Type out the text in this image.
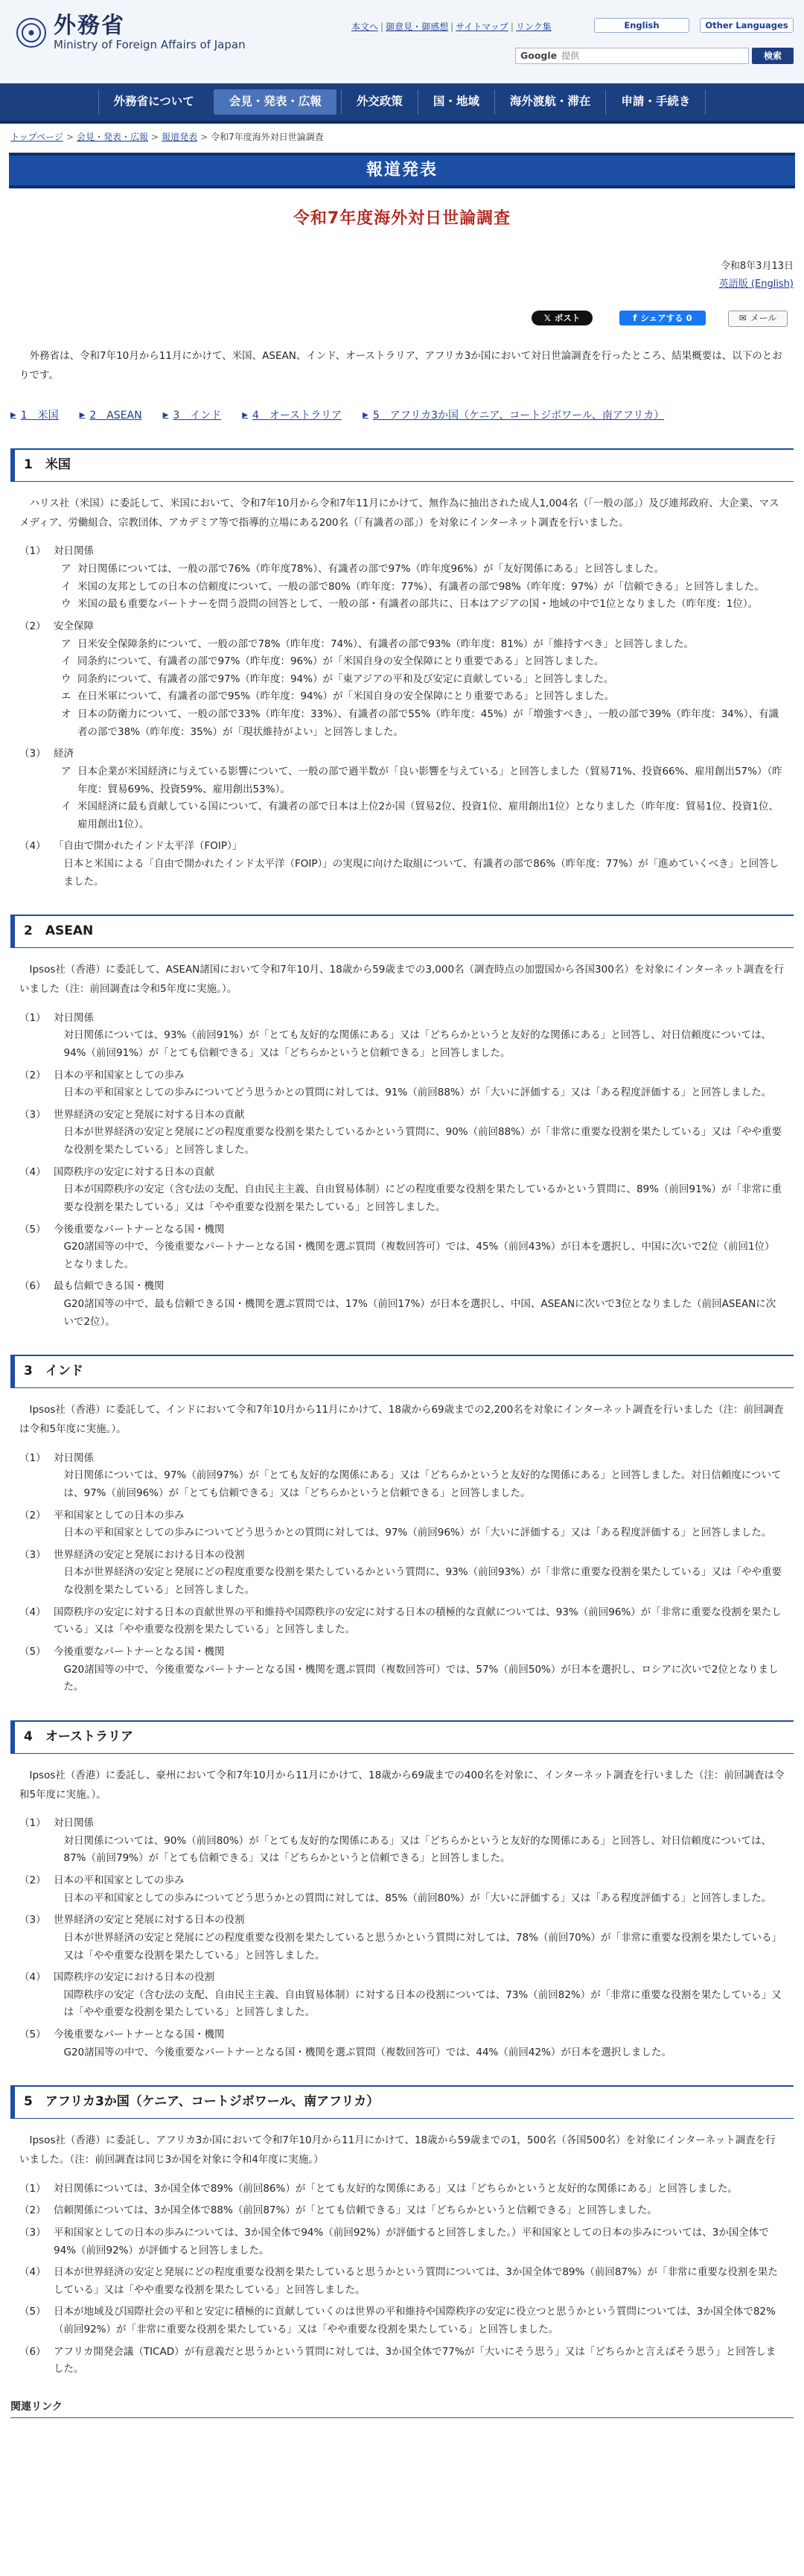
外務省
Ministry of Foreign Affairs of Japan
本文へ | 御意見・御感想 | サイトマップ | リンク集	English	Other Languages
Google 提供	検索
外務省について	会見・発表・広報	外交政策	国・地域	海外渡航・滞在	申請・手続き
トップページ > 会見・発表・広報 > 報道発表 > 令和7年度海外対日世論調査
報道発表
令和7年度海外対日世論調査
令和8年3月13日
英語版 (English)
𝕏 ポスト	f シェアする 0	✉ メール

外務省は、令和7年10月から11月にかけて、米国、ASEAN、インド、オーストラリア、アフリカ3か国において対日世論調査を行ったところ、結果概要は、以下のとおりです。

▶ 1　米国	▶ 2　ASEAN	▶ 3　インド	▶ 4　オーストラリア	▶ 5　アフリカ3か国（ケニア、コートジボワール、南アフリカ）
1　米国

ハリス社（米国）に委託して、米国において、令和7年10月から令和7年11月にかけて、無作為に抽出された成人1,004名（「一般の部」）及び連邦政府、大企業、マスメディア、労働組合、宗教団体、アカデミア等で指導的立場にある200名（「有識者の部」）を対象にインターネット調査を行いました。

（1） 対日関係
ア 対日関係については、一般の部で76%（昨年度78%）、有識者の部で97%（昨年度96%）が「友好関係にある」と回答しました。
イ 米国の友邦としての日本の信頼度について、一般の部で80%（昨年度：77%）、有識者の部で98%（昨年度：97%）が「信頼できる」と回答しました。
ウ 米国の最も重要なパートナーを問う設問の回答として、一般の部・有識者の部共に、日本はアジアの国・地域の中で1位となりました（昨年度：1位）。
（2） 安全保障
ア 日米安全保障条約について、一般の部で78%（昨年度：74%）、有識者の部で93%（昨年度：81%）が「維持すべき」と回答しました。
イ 同条約について、有識者の部で97%（昨年度：96%）が「米国自身の安全保障にとり重要である」と回答しました。
ウ 同条約について、有識者の部で97%（昨年度：94%）が「東アジアの平和及び安定に貢献している」と回答しました。
エ 在日米軍について、有識者の部で95%（昨年度：94%）が「米国自身の安全保障にとり重要である」と回答しました。
オ 日本の防衛力について、一般の部で33%（昨年度：33%）、有識者の部で55%（昨年度：45%）が「増強すべき」、一般の部で39%（昨年度：34%）、有識者の部で38%（昨年度：35%）が「現状維持がよい」と回答しました。
（3） 経済
ア 日本企業が米国経済に与えている影響について、一般の部で過半数が「良い影響を与えている」と回答しました（貿易71%、投資66%、雇用創出57%）（昨年度：貿易69%、投資59%、雇用創出53%）。
イ 米国経済に最も貢献している国について、有識者の部で日本は上位2か国（貿易2位、投資1位、雇用創出1位）となりました（昨年度：貿易1位、投資1位、雇用創出1位）。
（4） 「自由で開かれたインド太平洋（FOIP）」
日本と米国による「自由で開かれたインド太平洋（FOIP）」の実現に向けた取組について、有識者の部で86%（昨年度：77%）が「進めていくべき」と回答しました。
2　ASEAN

Ipsos社（香港）に委託して、ASEAN諸国において令和7年10月、18歳から59歳までの3,000名（調査時点の加盟国から各国300名）を対象にインターネット調査を行いました（注：前回調査は令和5年度に実施。）。

（1） 対日関係
対日関係については、93%（前回91%）が「とても友好的な関係にある」又は「どちらかというと友好的な関係にある」と回答し、対日信頼度については、94%（前回91%）が「とても信頼できる」又は「どちらかというと信頼できる」と回答しました。
（2） 日本の平和国家としての歩み
日本の平和国家としての歩みについてどう思うかとの質問に対しては、91%（前回88%）が「大いに評価する」又は「ある程度評価する」と回答しました。
（3） 世界経済の安定と発展に対する日本の貢献
日本が世界経済の安定と発展にどの程度重要な役割を果たしているかという質問に、90%（前回88%）が「非常に重要な役割を果たしている」又は「やや重要な役割を果たしている」と回答しました。
（4） 国際秩序の安定に対する日本の貢献
日本が国際秩序の安定（含む法の支配、自由民主主義、自由貿易体制）にどの程度重要な役割を果たしているかという質問に、89%（前回91%）が「非常に重要な役割を果たしている」又は「やや重要な役割を果たしている」と回答しました。
（5） 今後重要なパートナーとなる国・機関
G20諸国等の中で、今後重要なパートナーとなる国・機関を選ぶ質問（複数回答可）では、45%（前回43%）が日本を選択し、中国に次いで2位（前回1位）となりました。
（6） 最も信頼できる国・機関
G20諸国等の中で、最も信頼できる国・機関を選ぶ質問では、17%（前回17%）が日本を選択し、中国、ASEANに次いで3位となりました（前回ASEANに次いで2位）。
3　インド

Ipsos社（香港）に委託して、インドにおいて令和7年10月から11月にかけて、18歳から69歳までの2,200名を対象にインターネット調査を行いました（注：前回調査は令和5年度に実施。）。

（1） 対日関係
対日関係については、97%（前回97%）が「とても友好的な関係にある」又は「どちらかというと友好的な関係にある」と回答しました。対日信頼度については、97%（前回96%）が「とても信頼できる」又は「どちらかというと信頼できる」と回答しました。
（2） 平和国家としての日本の歩み
日本の平和国家としての歩みについてどう思うかとの質問に対しては、97%（前回96%）が「大いに評価する」又は「ある程度評価する」と回答しました。
（3） 世界経済の安定と発展における日本の役割
日本が世界経済の安定と発展にどの程度重要な役割を果たしているかという質問に、93%（前回93%）が「非常に重要な役割を果たしている」又は「やや重要な役割を果たしている」と回答しました。
（4） 国際秩序の安定に対する日本の貢献世界の平和維持や国際秩序の安定に対する日本の積極的な貢献については、93%（前回96%）が「非常に重要な役割を果たしている」又は「やや重要な役割を果たしている」と回答しました。
（5） 今後重要なパートナーとなる国・機関
G20諸国等の中で、今後重要なパートナーとなる国・機関を選ぶ質問（複数回答可）では、57%（前回50%）が日本を選択し、ロシアに次いで2位となりました。
4　オーストラリア

Ipsos社（香港）に委託し、豪州において令和7年10月から11月にかけて、18歳から69歳までの400名を対象に、インターネット調査を行いました（注：前回調査は令和5年度に実施。）。

（1） 対日関係
対日関係については、90%（前回80%）が「とても友好的な関係にある」又は「どちらかというと友好的な関係にある」と回答し、対日信頼度については、87%（前回79%）が「とても信頼できる」又は「どちらかというと信頼できる」と回答しました。
（2） 日本の平和国家としての歩み
日本の平和国家としての歩みについてどう思うかとの質問に対しては、85%（前回80%）が「大いに評価する」又は「ある程度評価する」と回答しました。
（3） 世界経済の安定と発展に対する日本の役割
日本が世界経済の安定と発展にどの程度重要な役割を果たしていると思うかという質問に対しては、78%（前回70%）が「非常に重要な役割を果たしている」又は「やや重要な役割を果たしている」と回答しました。
（4） 国際秩序の安定における日本の役割
国際秩序の安定（含む法の支配、自由民主主義、自由貿易体制）に対する日本の役割については、73%（前回82%）が「非常に重要な役割を果たしている」又は「やや重要な役割を果たしている」と回答しました。
（5） 今後重要なパートナーとなる国・機関
G20諸国等の中で、今後重要なパートナーとなる国・機関を選ぶ質問（複数回答可）では、44%（前回42%）が日本を選択しました。
5　アフリカ3か国（ケニア、コートジボワール、南アフリカ）

Ipsos社（香港）に委託し、アフリカ3か国において令和7年10月から11月にかけて、18歳から59歳までの1，500名（各国500名）を対象にインターネット調査を行いました。（注：前回調査は同じ3か国を対象に令和4年度に実施。）

（1） 対日関係については、3か国全体で89%（前回86%）が「とても友好的な関係にある」又は「どちらかというと友好的な関係にある」と回答しました。
（2） 信頼関係については、3か国全体で88%（前回87%）が「とても信頼できる」又は「どちらかというと信頼できる」と回答しました。
（3） 平和国家としての日本の歩みについては、3か国全体で94%（前回92%）が評価すると回答しました。）平和国家としての日本の歩みについては、3か国全体で94%（前回92%）が評価すると回答しました。
（4） 日本が世界経済の安定と発展にどの程度重要な役割を果たしていると思うかという質問については、3か国全体で89%（前回87%）が「非常に重要な役割を果たしている」又は「やや重要な役割を果たしている」と回答しました。
（5） 日本が地域及び国際社会の平和と安定に積極的に貢献していくのは世界の平和維持や国際秩序の安定に役立つと思うかという質問については、3か国全体で82%（前回92%）が「非常に重要な役割を果たしている」又は「やや重要な役割を果たしている」と回答しました。
（6） アフリカ開発会議（TICAD）が有意義だと思うかという質問に対しては、3か国全体で77%が「大いにそう思う」又は「どちらかと言えばそう思う」と回答しました。
関連リンク
